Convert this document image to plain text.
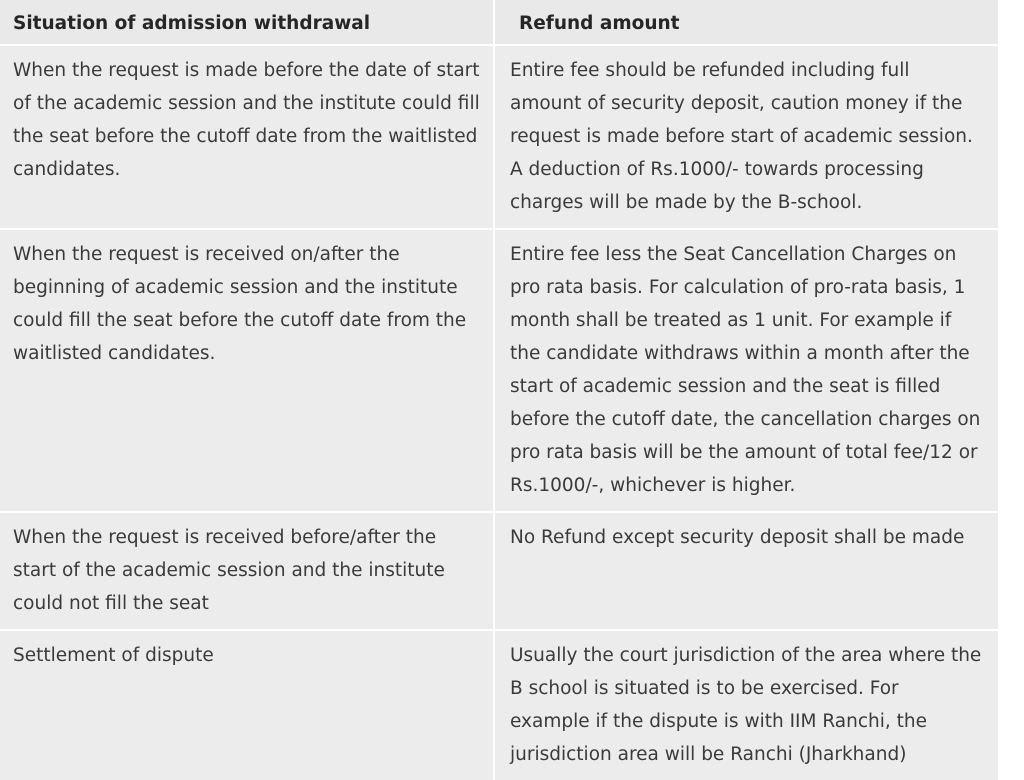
Situation of admission withdrawal	Refund amount
When the request is made before the date of start of the academic session and the institute could fill the seat before the cutoff date from the waitlisted candidates.	Entire fee should be refunded including full amount of security deposit, caution money if the request is made before start of academic session. A deduction of Rs.1000/- towards processing charges will be made by the B-school.
When the request is received on/after the beginning of academic session and the institute could fill the seat before the cutoff date from the waitlisted candidates.	Entire fee less the Seat Cancellation Charges on pro rata basis. For calculation of pro-rata basis, 1 month shall be treated as 1 unit. For example if the candidate withdraws within a month after the start of academic session and the seat is filled before the cutoff date, the cancellation charges on pro rata basis will be the amount of total fee/12 or Rs.1000/-, whichever is higher.
When the request is received before/after the start of the academic session and the institute could not fill the seat	No Refund except security deposit shall be made
Settlement of dispute	Usually the court jurisdiction of the area where the B school is situated is to be exercised. For example if the dispute is with IIM Ranchi, the jurisdiction area will be Ranchi (Jharkhand)
